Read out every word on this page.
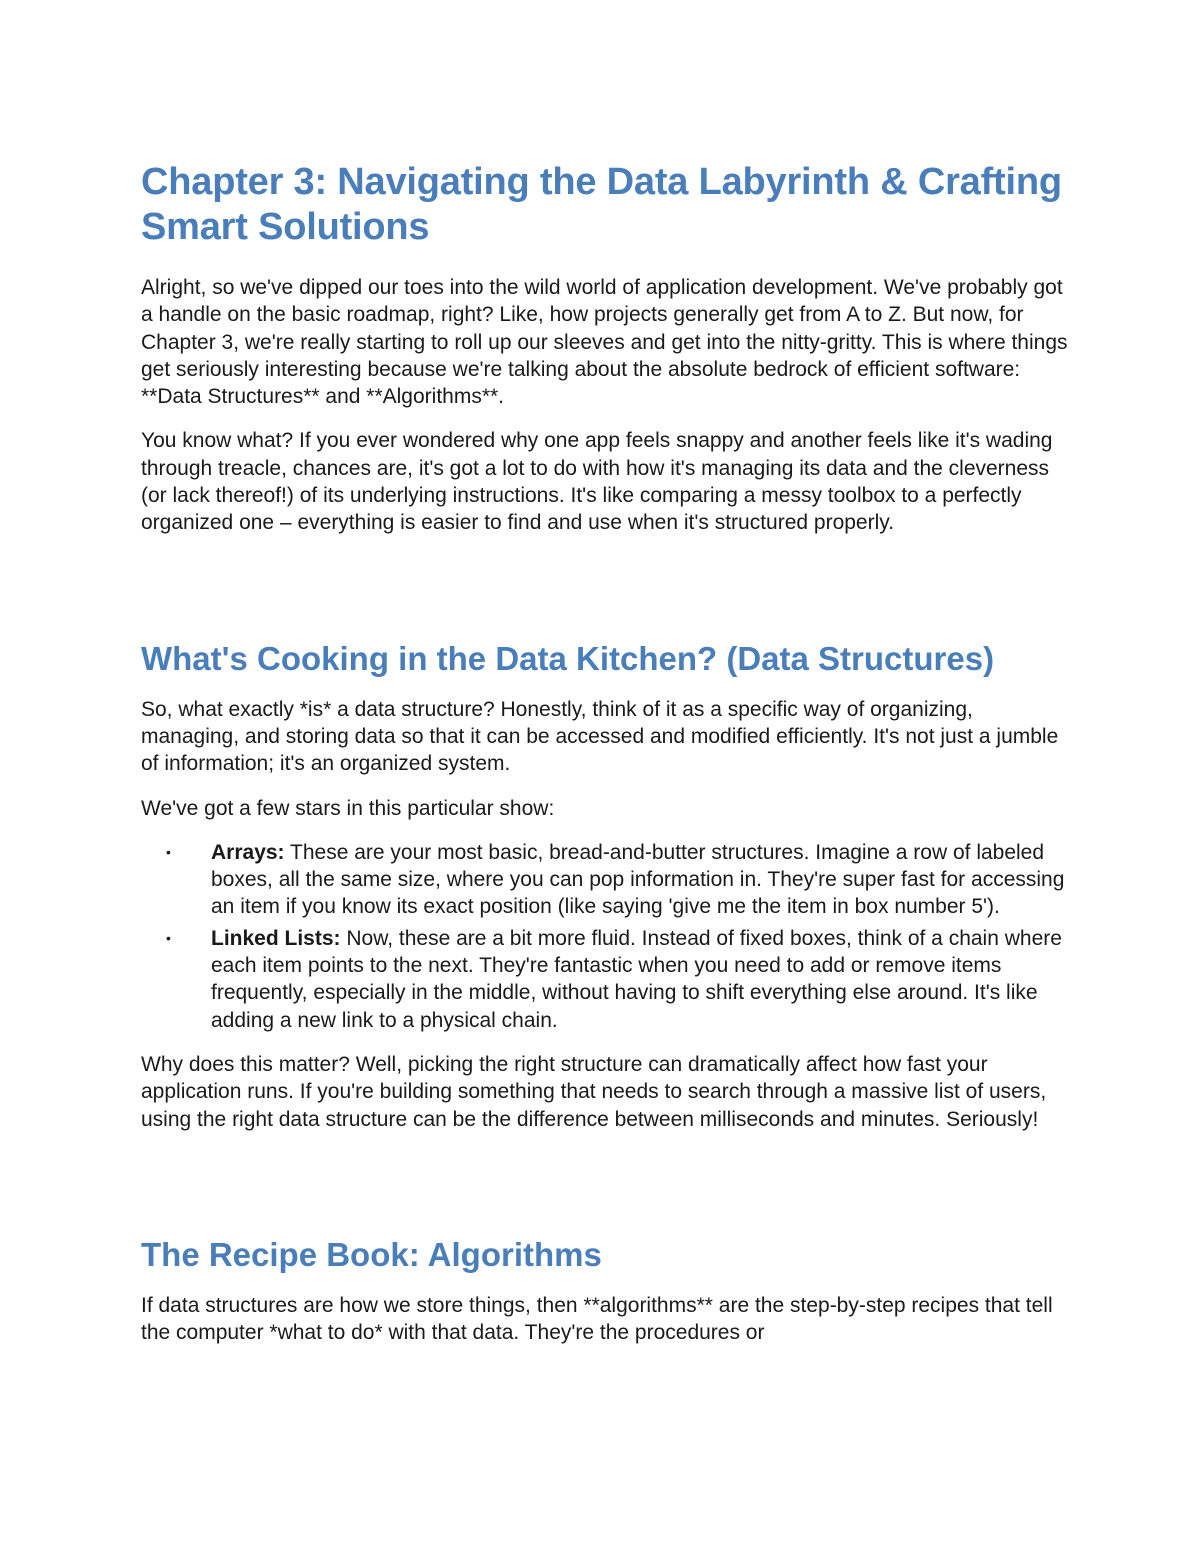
Chapter 3: Navigating the Data Labyrinth & Crafting Smart Solutions

Alright, so we've dipped our toes into the wild world of application development. We've probably got a handle on the basic roadmap, right? Like, how projects generally get from A to Z. But now, for Chapter 3, we're really starting to roll up our sleeves and get into the nitty-gritty. This is where things get seriously interesting because we're talking about the absolute bedrock of efficient software: **Data Structures** and **Algorithms**.

You know what? If you ever wondered why one app feels snappy and another feels like it's wading through treacle, chances are, it's got a lot to do with how it's managing its data and the cleverness (or lack thereof!) of its underlying instructions. It's like comparing a messy toolbox to a perfectly organized one – everything is easier to find and use when it's structured properly.

What's Cooking in the Data Kitchen? (Data Structures)

So, what exactly *is* a data structure? Honestly, think of it as a specific way of organizing, managing, and storing data so that it can be accessed and modified efficiently. It's not just a jumble of information; it's an organized system.

We've got a few stars in this particular show:

• Arrays: These are your most basic, bread-and-butter structures. Imagine a row of labeled boxes, all the same size, where you can pop information in. They're super fast for accessing an item if you know its exact position (like saying 'give me the item in box number 5').
• Linked Lists: Now, these are a bit more fluid. Instead of fixed boxes, think of a chain where each item points to the next. They're fantastic when you need to add or remove items frequently, especially in the middle, without having to shift everything else around. It's like adding a new link to a physical chain.

Why does this matter? Well, picking the right structure can dramatically affect how fast your application runs. If you're building something that needs to search through a massive list of users, using the right data structure can be the difference between milliseconds and minutes. Seriously!

The Recipe Book: Algorithms

If data structures are how we store things, then **algorithms** are the step-by-step recipes that tell the computer *what to do* with that data. They're the procedures or
